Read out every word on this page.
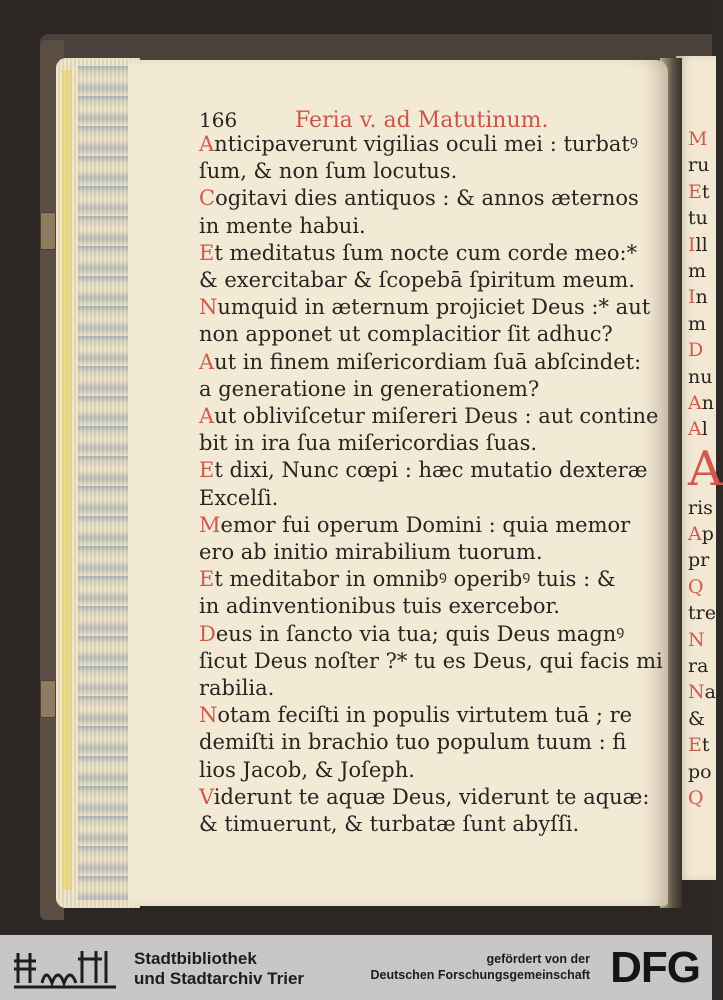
166	Feria v. ad Matutinum.

Anticipaverunt vigilias oculi mei : turbatꝰ

ſum, & non ſum locutus.

Cogitavi dies antiquos : & annos æternos

in mente habui.

Et meditatus ſum nocte cum corde meo:*

& exercitabar & ſcopebā ſpiritum meum.

Numquid in æternum projiciet Deus :* aut

non apponet ut complacitior ſit adhuc?

Aut in finem miſericordiam ſuā abſcindet:

a generatione in generationem?

Aut obliviſcetur miſereri Deus : aut contine

bit in ira ſua miſericordias ſuas.

Et dixi, Nunc cœpi : hæc mutatio dexteræ

Excelſi.

Memor fui operum Domini : quia memor

ero ab initio mirabilium tuorum.

Et meditabor in omnibꝰ operibꝰ tuis : &

in adinventionibus tuis exercebor.

Deus in ſancto via tua; quis Deus magnꝰ

ſicut Deus noſter ?* tu es Deus, qui facis mi

rabilia.

Notam feciſti in populis virtutem tuā ; re

demiſti in brachio tuo populum tuum : fi

lios Jacob, & Joſeph.

Viderunt te aquæ Deus, viderunt te aquæ:

& timuerunt, & turbatæ ſunt abyſſi.

M
ru
Et
tu
Ill
m
In
m
D
nu
An
Al
A
ris
Ap
pr
Q
tre
N
ra
Na
&
Et
po
Q
Stadtbibliothek
und Stadtarchiv Trier
gefördert von der
Deutschen Forschungsgemeinschaft DFG
